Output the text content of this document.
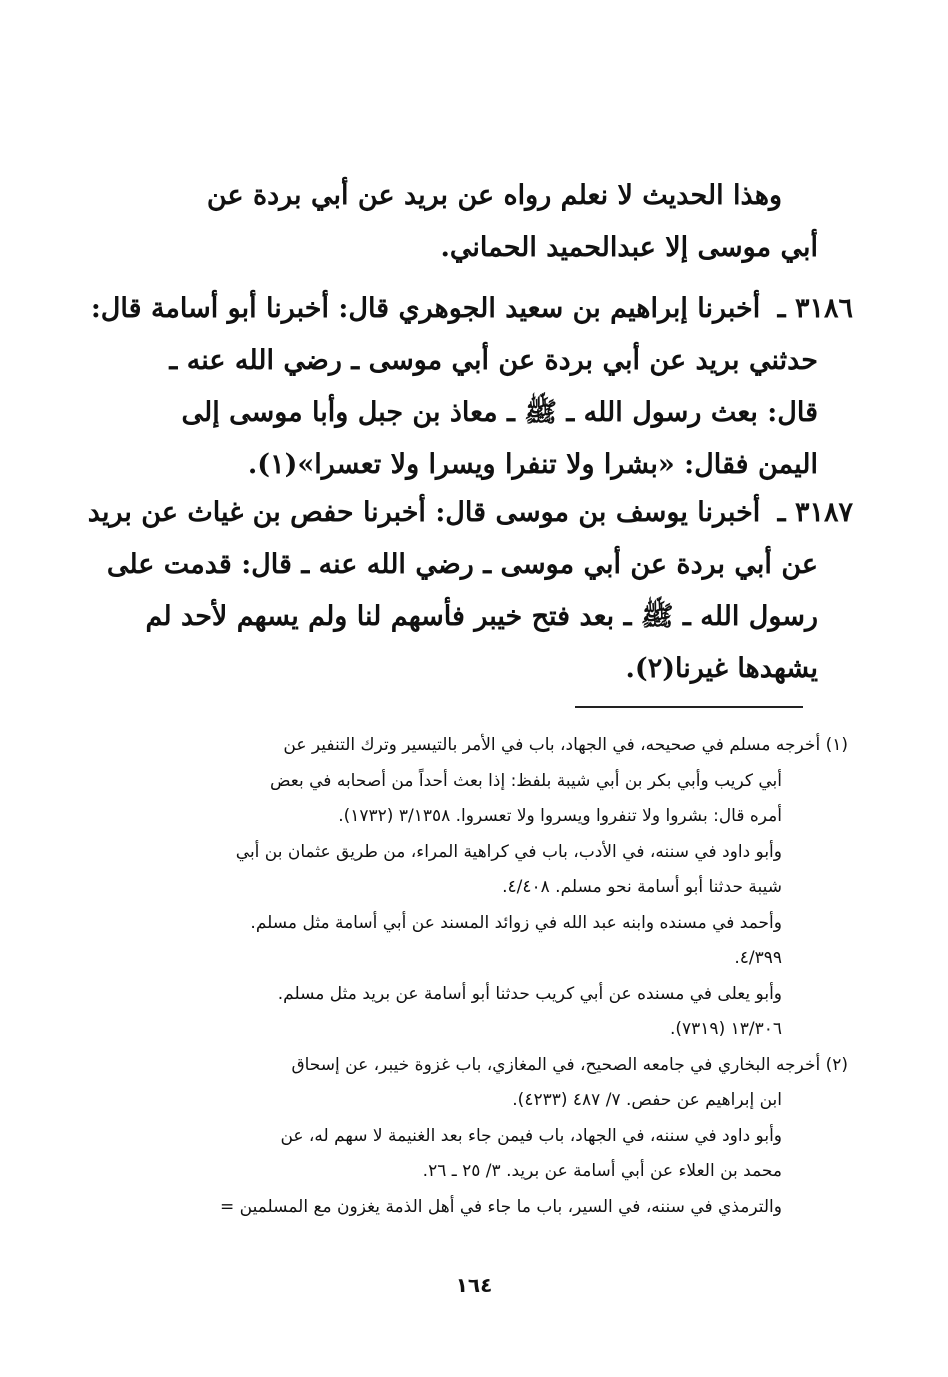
وهذا الحديث لا نعلم رواه عن بريد عن أبي بردة عن
أبي موسى إلا عبدالحميد الحماني.
٣١٨٦ ـ أخبرنا إبراهيم بن سعيد الجوهري قال: أخبرنا أبو أسامة قال:
حدثني بريد عن أبي بردة عن أبي موسى ـ رضي الله عنه ـ
قال: بعث رسول الله ـ ﷺ ـ معاذ بن جبل وأبا موسى إلى
اليمن فقال: «بشرا ولا تنفرا ويسرا ولا تعسرا»(١).
٣١٨٧ ـ أخبرنا يوسف بن موسى قال: أخبرنا حفص بن غياث عن بريد
عن أبي بردة عن أبي موسى ـ رضي الله عنه ـ قال: قدمت على
رسول الله ـ ﷺ ـ بعد فتح خيبر فأسهم لنا ولم يسهم لأحد لم
يشهدها غيرنا(٢).
(١) أخرجه مسلم في صحيحه، في الجهاد، باب في الأمر بالتيسير وترك التنفير عن
أبي كريب وأبي بكر بن أبي شيبة بلفظ: إذا بعث أحداً من أصحابه في بعض
أمره قال: بشروا ولا تنفروا ويسروا ولا تعسروا. ٣/١٣٥٨ (١٧٣٢).
وأبو داود في سننه، في الأدب، باب في كراهية المراء، من طريق عثمان بن أبي
شيبة حدثنا أبو أسامة نحو مسلم. ٤/٤٠٨.
وأحمد في مسنده وابنه عبد الله في زوائد المسند عن أبي أسامة مثل مسلم.
٤/٣٩٩.
وأبو يعلى في مسنده عن أبي كريب حدثنا أبو أسامة عن بريد مثل مسلم.
١٣/٣٠٦ (٧٣١٩).
(٢) أخرجه البخاري في جامعه الصحيح، في المغازي، باب غزوة خيبر، عن إسحاق
ابن إبراهيم عن حفص. ٧/ ٤٨٧ (٤٢٣٣).
وأبو داود في سننه، في الجهاد، باب فيمن جاء بعد الغنيمة لا سهم له، عن
محمد بن العلاء عن أبي أسامة عن بريد. ٣/ ٢٥ ـ ٢٦.
والترمذي في سننه، في السير، باب ما جاء في أهل الذمة يغزون مع المسلمين =
١٦٤
